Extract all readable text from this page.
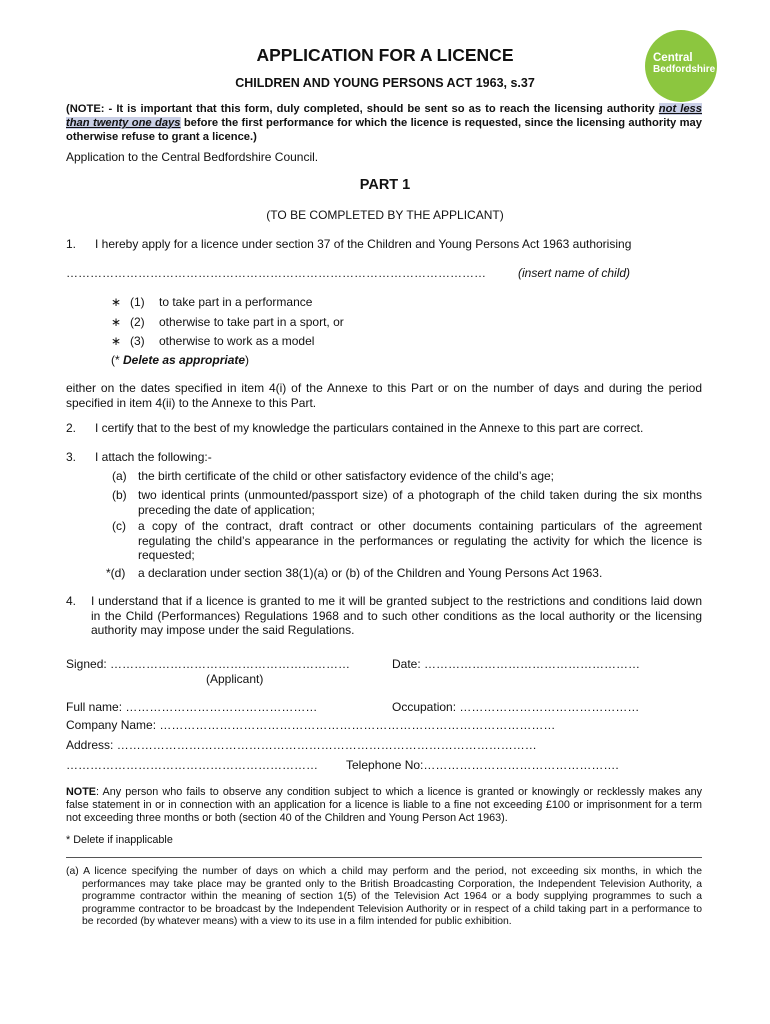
APPLICATION FOR A LICENCE
CHILDREN AND YOUNG PERSONS ACT 1963, s.37
Central
Bedfordshire
(NOTE: - It is important that this form, duly completed, should be sent so as to reach the licensing authority not less than twenty one days before the first performance for which the licence is requested, since the licensing authority may otherwise refuse to grant a licence.)
Application to the Central Bedfordshire Council.
PART 1
(TO BE COMPLETED BY THE APPLICANT)
1. I hereby apply for a licence under section 37 of the Children and Young Persons Act 1963 authorising
……………………………………………………………………………………………	(insert name of child)
∗ (1) to take part in a performance
∗ (2) otherwise to take part in a sport, or
∗ (3) otherwise to work as a model
(* Delete as appropriate)
either on the dates specified in item 4(i) of the Annexe to this Part or on the number of days and during the period specified in item 4(ii) to the Annexe to this Part.
2. I certify that to the best of my knowledge the particulars contained in the Annexe to this part are correct.
3. I attach the following:-
(a) the birth certificate of the child or other satisfactory evidence of the child’s age;
(b) two identical prints (unmounted/passport size) of a photograph of the child taken during the six months preceding the date of application;
(c) a copy of the contract, draft contract or other documents containing particulars of the agreement regulating the child’s appearance in the performances or regulating the activity for which the licence is requested;
*(d) a declaration under section 38(1)(a) or (b) of the Children and Young Persons Act 1963.
4. I understand that if a licence is granted to me it will be granted subject to the restrictions and conditions laid down in the Child (Performances) Regulations 1968 and to such other conditions as the local authority or the licensing authority may impose under the said Regulations.
Signed: ……………………………………………………	Date: ………………………………………………
(Applicant)
Full name: …………………………………………	Occupation: ………………………………………
Company Name: ………………………………………………………………………………………
Address: ……………………………………………………………………………………………
………………………………………………………	Telephone No:………………………………………….
NOTE: Any person who fails to observe any condition subject to which a licence is granted or knowingly or recklessly makes any false statement in or in connection with an application for a licence is liable to a fine not exceeding £100 or imprisonment for a term not exceeding three months or both (section 40 of the Children and Young Person Act 1963).
* Delete if inapplicable
(a) A licence specifying the number of days on which a child may perform and the period, not exceeding six months, in which the performances may take place may be granted only to the British Broadcasting Corporation, the Independent Television Authority, a programme contractor within the meaning of section 1(5) of the Television Act 1964 or a body supplying programmes to such a programme contractor to be broadcast by the Independent Television Authority or in respect of a child taking part in a performance to be recorded (by whatever means) with a view to its use in a film intended for public exhibition.
